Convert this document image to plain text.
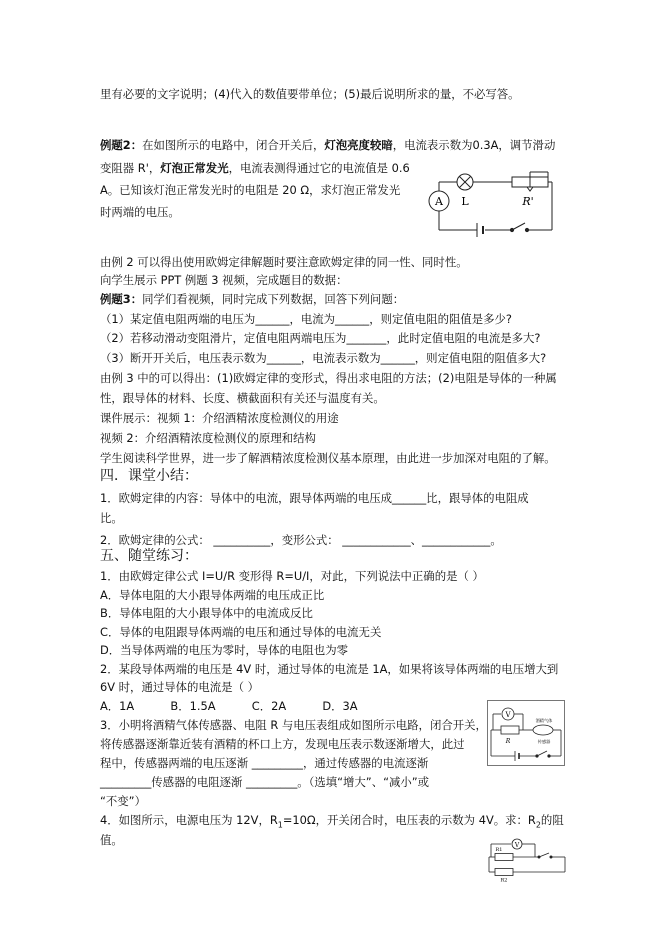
里有必要的文字说明；(4)代入的数值要带单位；(5)最后说明所求的量，不必写答。
例题2：在如图所示的电路中，闭合开关后，灯泡亮度较暗，电流表示数为0.3A，调节滑动
变阻器 R'，灯泡正常发光，电流表测得通过它的电流值是 0.6
A。已知该灯泡正常发光时的电阻是 20 Ω，求灯泡正常发光
时两端的电压。
A L	R'
由例 2 可以得出使用欧姆定律解题时要注意欧姆定律的同一性、同时性。
向学生展示 PPT 例题 3 视频，完成题目的数据：
例题3：同学们看视频，同时完成下列数据，回答下列问题：
（1）某定值电阻两端的电压为______，电流为______，则定值电阻的阻值是多少?
（2）若移动滑动变阻滑片，定值电阻两端电压为_______，此时定值电阻的电流是多大?
（3）断开开关后，电压表示数为______，电流表示数为______，则定值电阻的阻值多大?
由例 3 中的可以得出：(1)欧姆定律的变形式，得出求电阻的方法；(2)电阻是导体的一种属
性，跟导体的材料、长度、横截面积有关还与温度有关。
课件展示：视频 1：介绍酒精浓度检测仪的用途
视频 2：介绍酒精浓度检测仪的原理和结构
学生阅读科学世界，进一步了解酒精浓度检测仪基本原理，由此进一步加深对电阻的了解。
四．课堂小结：
1．欧姆定律的内容：导体中的电流，跟导体两端的电压成______比，跟导体的电阻成
比。
2．欧姆定律的公式： __________，变形公式： ____________、____________。
五、随堂练习：
1．由欧姆定律公式 I=U/R 变形得 R=U/I，对此，下列说法中正确的是（ ）
A．导体电阻的大小跟导体两端的电压成正比
B．导体电阻的大小跟导体中的电流成反比
C．导体的电阻跟导体两端的电压和通过导体的电流无关
D．当导体两端的电压为零时，导体的电阻也为零
2．某段导体两端的电压是 4V 时，通过导体的电流是 1A，如果将该导体两端的电压增大到
6V 时，通过导体的电流是（ ）
A．1A          B．1.5A          C．2A          D．3A
3．小明将酒精气体传感器、电阻 R 与电压表组成如图所示电路，闭合开关，
将传感器逐渐靠近装有酒精的杯口上方，发现电压表示数逐渐增大，此过
程中，传感器两端的电压逐渐 _________，通过传感器的电流逐渐
_________传感器的电阻逐渐 _________。（选填“增大”、“减小”或
“不变”）
V
R
酒精气体
传感器
4．如图所示，电源电压为 12V，$R_1=10\Omega$，开关闭合时，电压表的示数为 4V。求：$R_2$的阻
值。	V
R1
R2
